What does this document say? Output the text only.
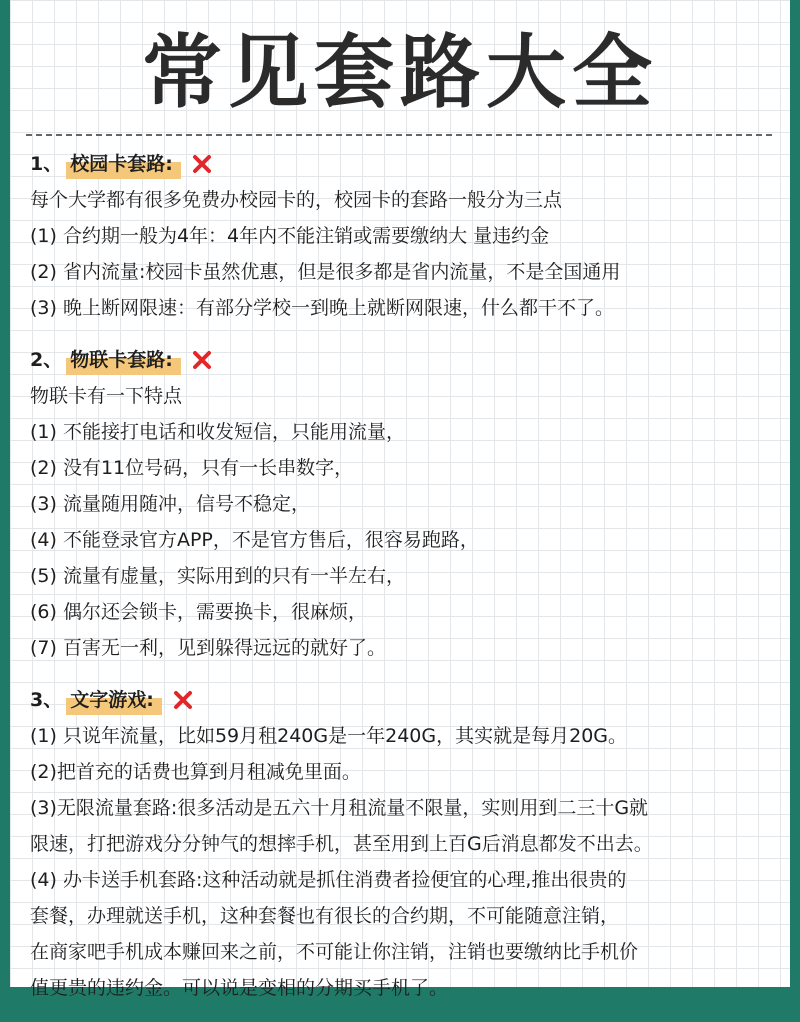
常见套路大全
1、 校园卡套路:
每个大学都有很多免费办校园卡的，校园卡的套路一般分为三点
(1) 合约期一般为4年：4年内不能注销或需要缴纳大 量违约金
(2) 省内流量:校园卡虽然优惠，但是很多都是省内流量，不是全国通用
(3) 晚上断网限速：有部分学校一到晚上就断网限速，什么都干不了。
2、 物联卡套路:
物联卡有一下特点
(1) 不能接打电话和收发短信，只能用流量，
(2) 没有11位号码，只有一长串数字，
(3) 流量随用随冲，信号不稳定，
(4) 不能登录官方APP，不是官方售后，很容易跑路，
(5) 流量有虚量，实际用到的只有一半左右，
(6) 偶尔还会锁卡，需要换卡，很麻烦，
(7) 百害无一利，见到躲得远远的就好了。
3、 文字游戏:
(1) 只说年流量，比如59月租240G是一年240G，其实就是每月20G。
(2)把首充的话费也算到月租减免里面。
(3)无限流量套路:很多活动是五六十月租流量不限量，实则用到二三十G就
限速，打把游戏分分钟气的想摔手机，甚至用到上百G后消息都发不出去。
(4) 办卡送手机套路:这种活动就是抓住消费者捡便宜的心理,推出很贵的
套餐，办理就送手机，这种套餐也有很长的合约期，不可能随意注销，
在商家吧手机成本赚回来之前，不可能让你注销，注销也要缴纳比手机价
值更贵的违约金。可以说是变相的分期买手机了。
